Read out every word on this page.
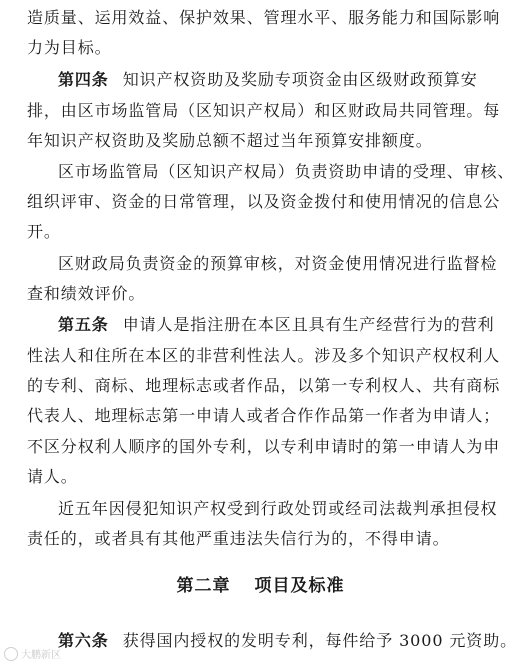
造质量、运用效益、保护效果、管理水平、服务能力和国际影响
力为目标。
第四条 知识产权资助及奖励专项资金由区级财政预算安
排，由区市场监管局（区知识产权局）和区财政局共同管理。每
年知识产权资助及奖励总额不超过当年预算安排额度。
区市场监管局（区知识产权局）负责资助申请的受理、审核、
组织评审、资金的日常管理，以及资金拨付和使用情况的信息公
开。
区财政局负责资金的预算审核，对资金使用情况进行监督检
查和绩效评价。
第五条 申请人是指注册在本区且具有生产经营行为的营利
性法人和住所在本区的非营利性法人。涉及多个知识产权权利人
的专利、商标、地理标志或者作品，以第一专利权人、共有商标
代表人、地理标志第一申请人或者合作作品第一作者为申请人；
不区分权利人顺序的国外专利，以专利申请时的第一申请人为申
请人。
近五年因侵犯知识产权受到行政处罚或经司法裁判承担侵权
责任的，或者具有其他严重违法失信行为的，不得申请。
第二章 项目及标准
第六条 获得国内授权的发明专利，每件给予 3000 元资助。
大鹏新区
